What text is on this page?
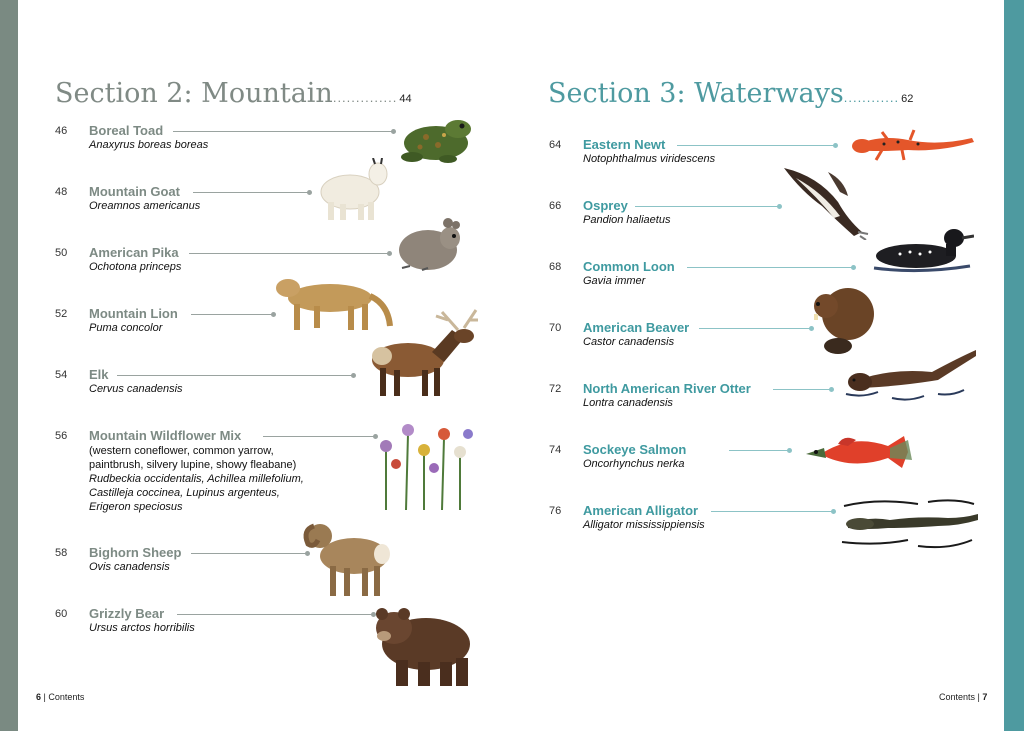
Section 2: Mountain.............. 44	Section 3: Waterways............ 62
46 Boreal Toad
Anaxyrus boreas boreas
48 Mountain Goat
Oreamnos americanus
50 American Pika
Ochotona princeps
52 Mountain Lion
Puma concolor
54 Elk
Cervus canadensis
56 Mountain Wildflower Mix
(western coneflower, common yarrow,
paintbrush, silvery lupine, showy fleabane)
Rudbeckia occidentalis, Achillea millefolium,
Castilleja coccinea, Lupinus argenteus,
Erigeron speciosus
58 Bighorn Sheep
Ovis canadensis
60 Grizzly Bear
Ursus arctos horribilis
64 Eastern Newt
Notophthalmus viridescens
66 Osprey
Pandion haliaetus
68 Common Loon
Gavia immer
70 American Beaver
Castor canadensis
72 North American River Otter
Lontra canadensis
74 Sockeye Salmon
Oncorhynchus nerka
76 American Alligator
Alligator mississippiensis
6 | Contents	Contents | 7
